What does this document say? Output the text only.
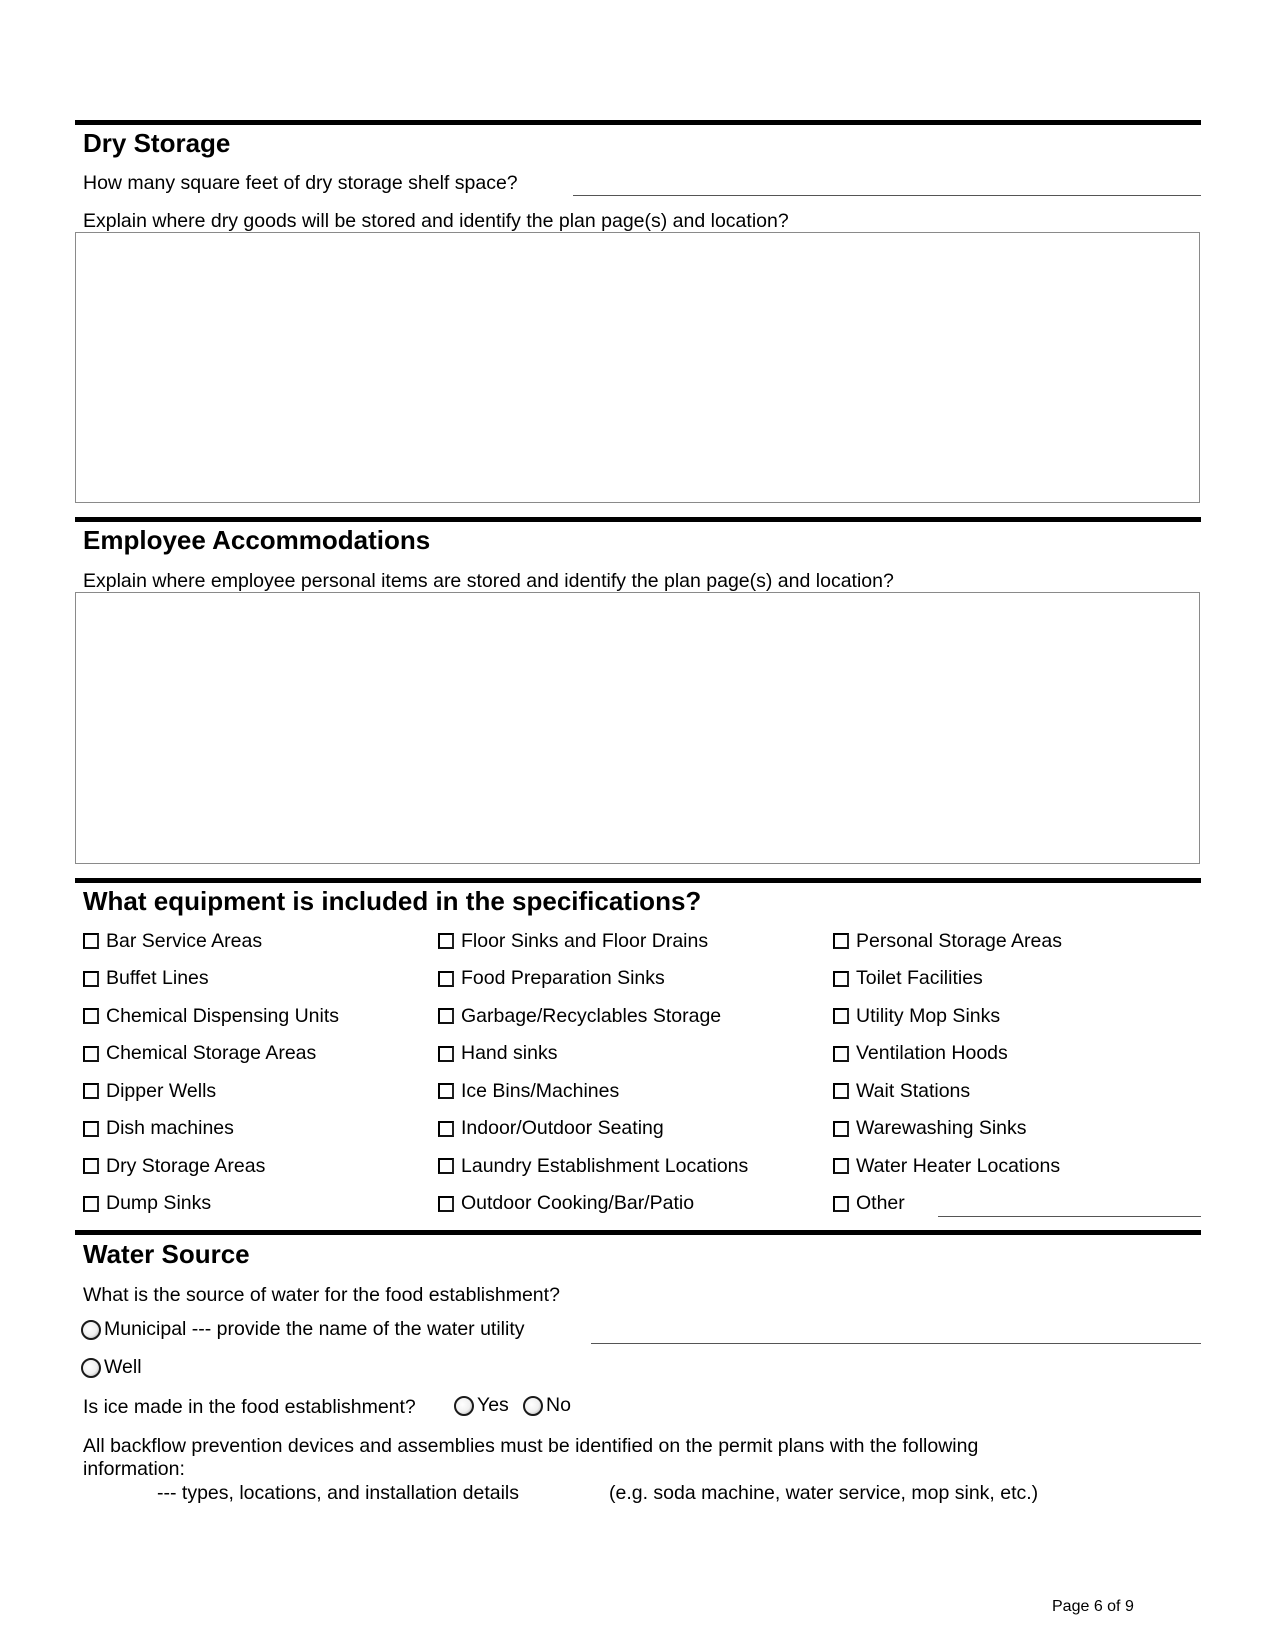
Dry Storage
How many square feet of dry storage shelf space?
Explain where dry goods will be stored and identify the plan page(s) and location?
Employee Accommodations
Explain where employee personal items are stored and identify the plan page(s) and location?
What equipment is included in the specifications?
Bar Service Areas
Buffet Lines
Chemical Dispensing Units
Chemical Storage Areas
Dipper Wells
Dish machines
Dry Storage Areas
Dump Sinks
Floor Sinks and Floor Drains
Food Preparation Sinks
Garbage/Recyclables Storage
Hand sinks
Ice Bins/Machines
Indoor/Outdoor Seating
Laundry Establishment Locations
Outdoor Cooking/Bar/Patio
Personal Storage Areas
Toilet Facilities
Utility Mop Sinks
Ventilation Hoods
Wait Stations
Warewashing Sinks
Water Heater Locations
Other
Water Source
What is the source of water for the food establishment?
Municipal --- provide the name of the water utility
Well
Is ice made in the food establishment?	Yes No
All backflow prevention devices and assemblies must be identified on the permit plans with the following
information:
--- types, locations, and installation details	(e.g. soda machine, water service, mop sink, etc.)
Page 6 of 9
